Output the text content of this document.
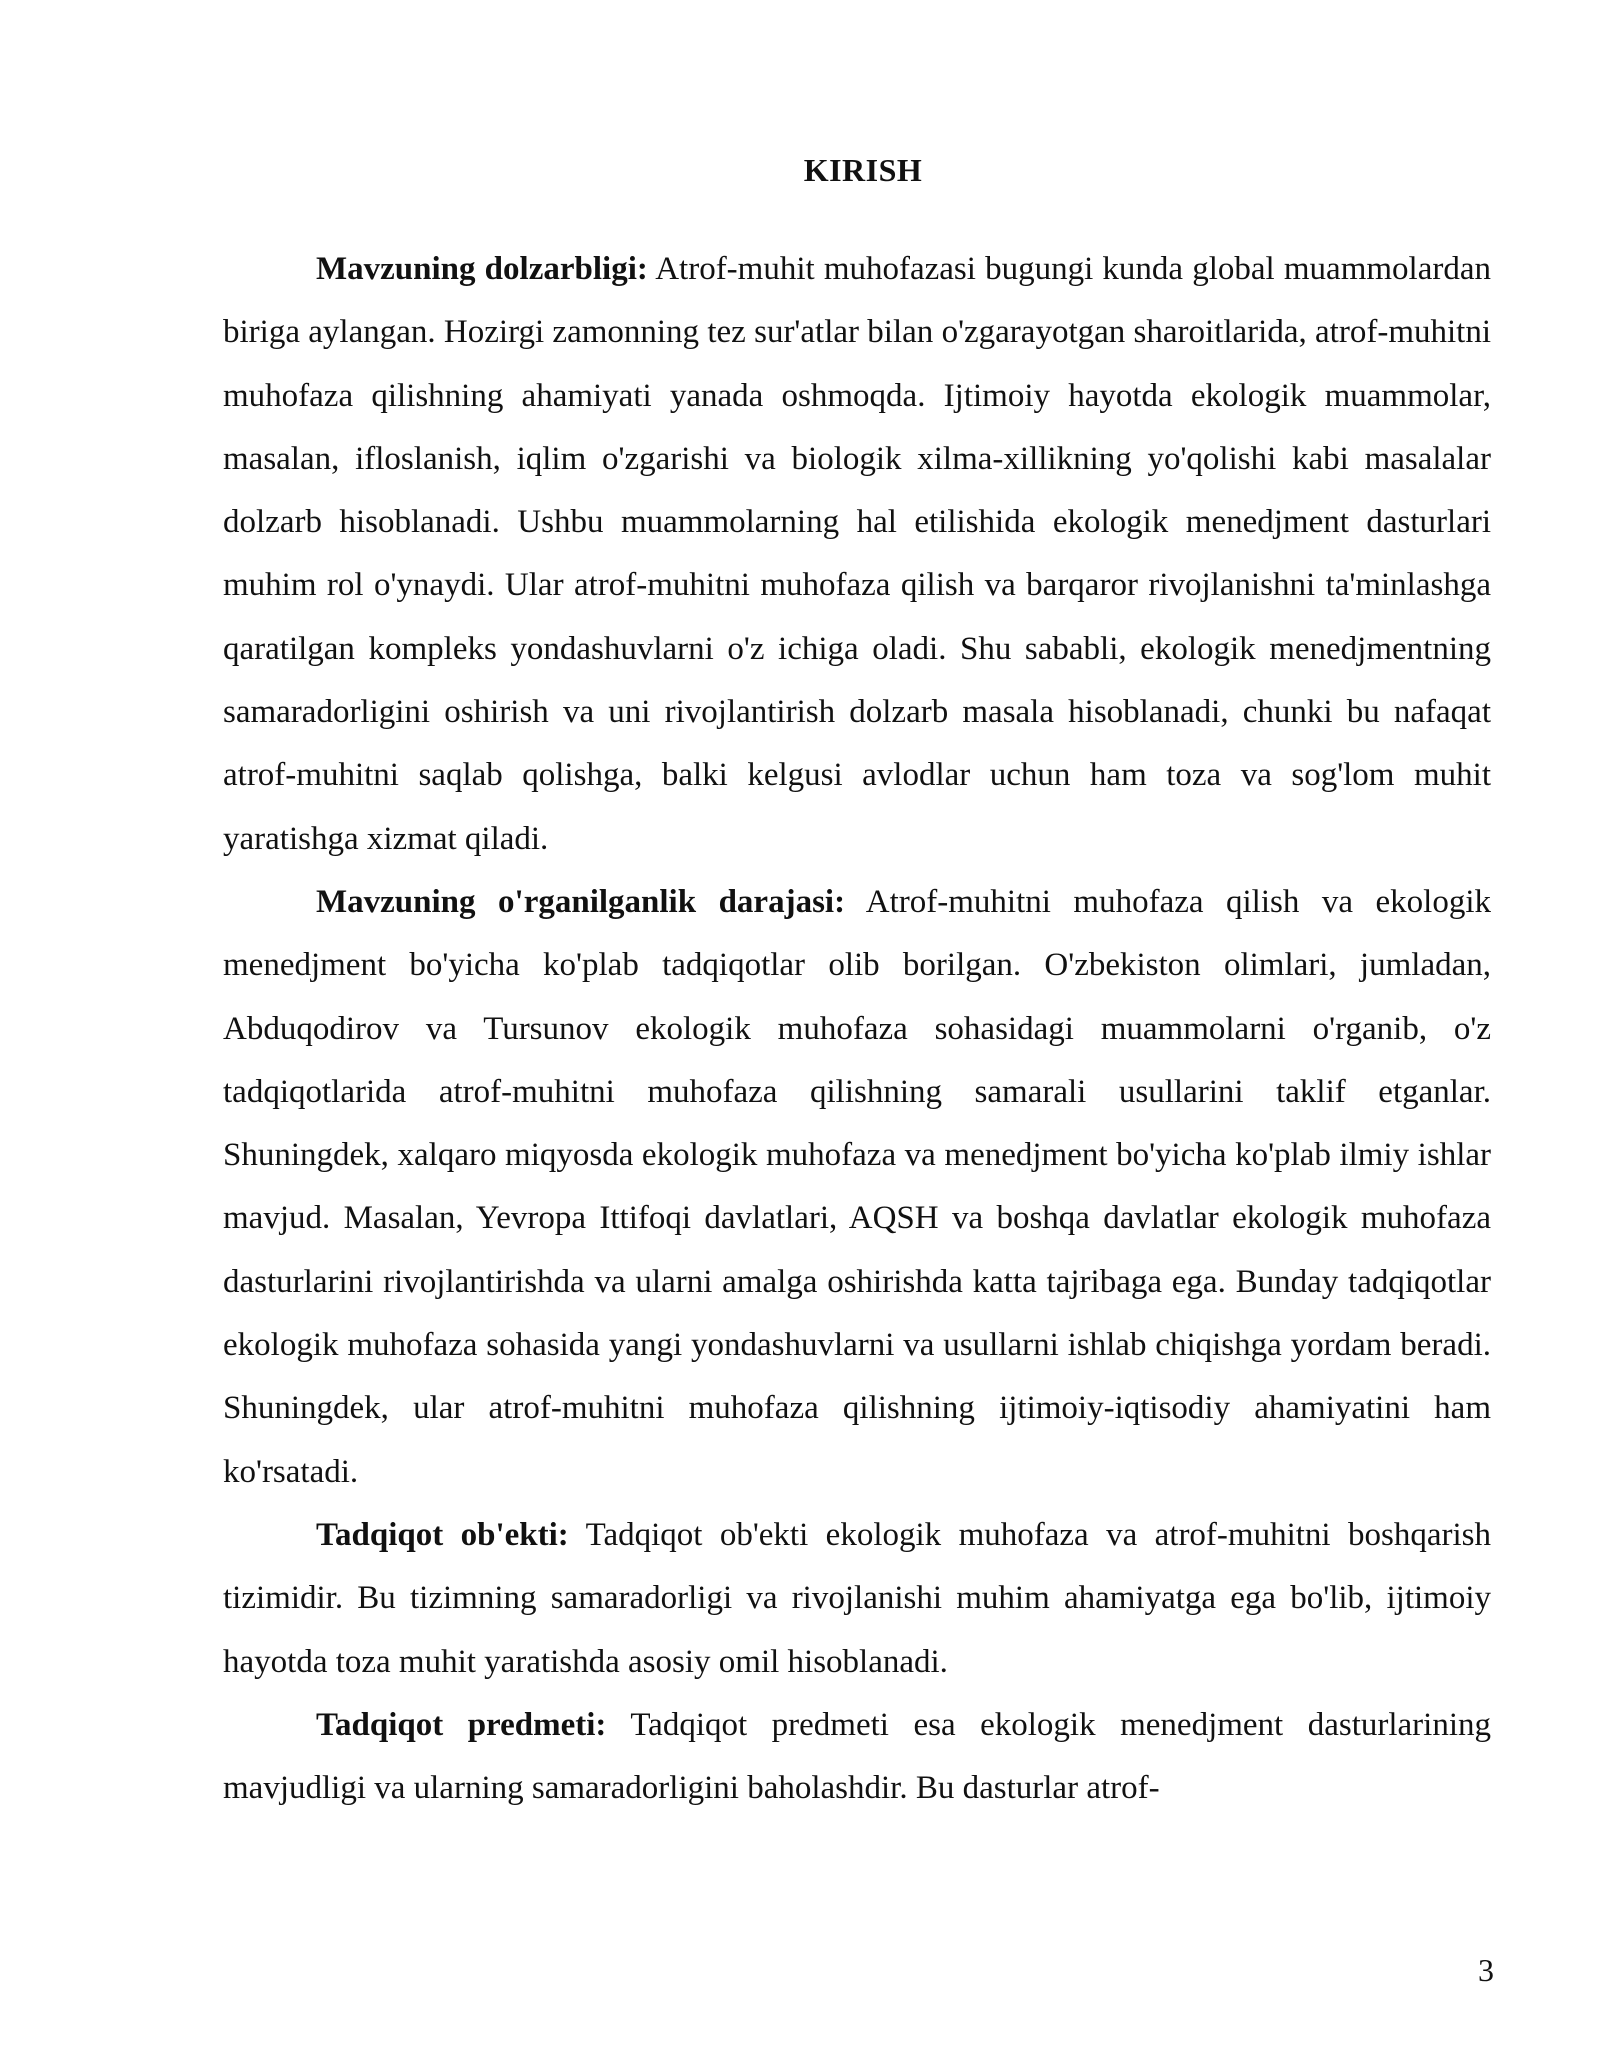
KIRISH

Mavzuning dolzarbligi: Atrof-muhit muhofazasi bugungi kunda global muammolardan biriga aylangan. Hozirgi zamonning tez sur'atlar bilan o'zgarayotgan sharoitlarida, atrof-muhitni muhofaza qilishning ahamiyati yanada oshmoqda. Ijtimoiy hayotda ekologik muammolar, masalan, ifloslanish, iqlim o'zgarishi va biologik xilma-xillikning yo'qolishi kabi masalalar dolzarb hisoblanadi. Ushbu muammolarning hal etilishida ekologik menedjment dasturlari muhim rol o'ynaydi. Ular atrof-muhitni muhofaza qilish va barqaror rivojlanishni ta'minlashga qaratilgan kompleks yondashuvlarni o'z ichiga oladi. Shu sababli, ekologik menedjmentning samaradorligini oshirish va uni rivojlantirish dolzarb masala hisoblanadi, chunki bu nafaqat atrof-muhitni saqlab qolishga, balki kelgusi avlodlar uchun ham toza va sog'lom muhit yaratishga xizmat qiladi.

Mavzuning o'rganilganlik darajasi: Atrof-muhitni muhofaza qilish va ekologik menedjment bo'yicha ko'plab tadqiqotlar olib borilgan. O'zbekiston olimlari, jumladan, Abduqodirov va Tursunov ekologik muhofaza sohasidagi muammolarni o'rganib, o'z tadqiqotlarida atrof-muhitni muhofaza qilishning samarali usullarini taklif etganlar. Shuningdek, xalqaro miqyosda ekologik muhofaza va menedjment bo'yicha ko'plab ilmiy ishlar mavjud. Masalan, Yevropa Ittifoqi davlatlari, AQSH va boshqa davlatlar ekologik muhofaza dasturlarini rivojlantirishda va ularni amalga oshirishda katta tajribaga ega. Bunday tadqiqotlar ekologik muhofaza sohasida yangi yondashuvlarni va usullarni ishlab chiqishga yordam beradi. Shuningdek, ular atrof-muhitni muhofaza qilishning ijtimoiy-iqtisodiy ahamiyatini ham ko'rsatadi.

Tadqiqot ob'ekti: Tadqiqot ob'ekti ekologik muhofaza va atrof-muhitni boshqarish tizimidir. Bu tizimning samaradorligi va rivojlanishi muhim ahamiyatga ega bo'lib, ijtimoiy hayotda toza muhit yaratishda asosiy omil hisoblanadi.

Tadqiqot predmeti: Tadqiqot predmeti esa ekologik menedjment dasturlarining mavjudligi va ularning samaradorligini baholashdir. Bu dasturlar atrof-

3
